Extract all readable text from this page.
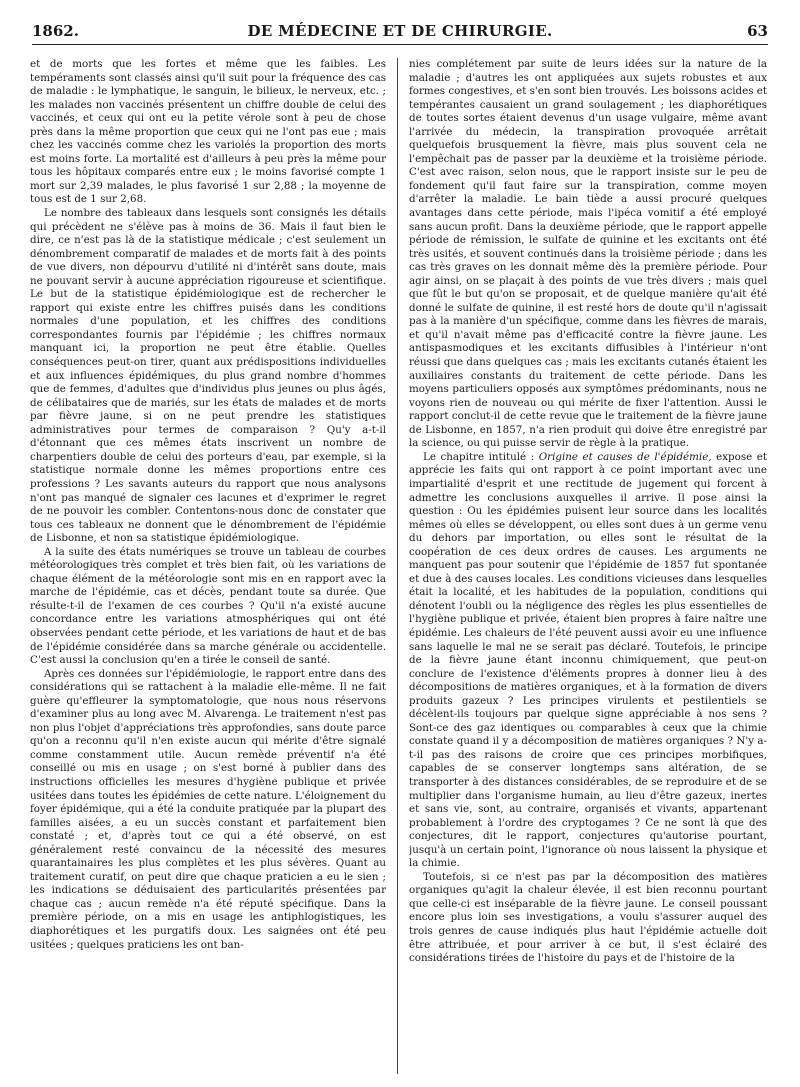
1862.	DE MÉDECINE ET DE CHIRURGIE.	63

et de morts que les fortes et même que les faibles. Les tempéraments sont classés ainsi qu'il suit pour la fréquence des cas de maladie : le lymphatique, le sanguin, le bilieux, le nerveux, etc. ; les malades non vaccinés présentent un chiffre double de celui des vaccinés, et ceux qui ont eu la petite vérole sont à peu de chose près dans la même proportion que ceux qui ne l'ont pas eue ; mais chez les vaccinés comme chez les variolés la proportion des morts est moins forte. La mortalité est d'ailleurs à peu près la même pour tous les hôpitaux comparés entre eux ; le moins favorisé compte 1 mort sur 2,39 malades, le plus favorisé 1 sur 2,88 ; la moyenne de tous est de 1 sur 2,68.

Le nombre des tableaux dans lesquels sont consignés les détails qui précèdent ne s'élève pas à moins de 36. Mais il faut bien le dire, ce n'est pas là de la statistique médicale ; c'est seulement un dénombrement comparatif de malades et de morts fait à des points de vue divers, non dépourvu d'utilité ni d'intérêt sans doute, mais ne pouvant servir à aucune appréciation rigoureuse et scientifique. Le but de la statistique épidémiologique est de rechercher le rapport qui existe entre les chiffres puisés dans les conditions normales d'une population, et les chiffres des conditions correspondantes fournis par l'épidémie ; les chiffres normaux manquant ici, la proportion ne peut être établie. Quelles conséquences peut-on tirer, quant aux prédispositions individuelles et aux influences épidémiques, du plus grand nombre d'hommes que de femmes, d'adultes que d'individus plus jeunes ou plus âgés, de célibataires que de mariés, sur les états de malades et de morts par fièvre jaune, si on ne peut prendre les statistiques administratives pour termes de comparaison ? Qu'y a-t-il d'étonnant que ces mêmes états inscrivent un nombre de charpentiers double de celui des porteurs d'eau, par exemple, si la statistique normale donne les mêmes proportions entre ces professions ? Les savants auteurs du rapport que nous analysons n'ont pas manqué de signaler ces lacunes et d'exprimer le regret de ne pouvoir les combler. Contentons-nous donc de constater que tous ces tableaux ne donnent que le dénombrement de l'épidémie de Lisbonne, et non sa statistique épidémiologique.

A la suite des états numériques se trouve un tableau de courbes météorologiques très complet et très bien fait, où les variations de chaque élément de la météorologie sont mis en en rapport avec la marche de l'épidémie, cas et décès, pendant toute sa durée. Que résulte-t-il de l'examen de ces courbes ? Qu'il n'a existé aucune concordance entre les variations atmosphériques qui ont été observées pendant cette période, et les variations de haut et de bas de l'épidémie considérée dans sa marche générale ou accidentelle. C'est aussi la conclusion qu'en a tirée le conseil de santé.

Après ces données sur l'épidémiologie, le rapport entre dans des considérations qui se rattachent à la maladie elle-même. Il ne fait guère qu'effleurer la symptomatologie, que nous nous réservons d'examiner plus au long avec M. Alvarenga. Le traitement n'est pas non plus l'objet d'appréciations très approfondies, sans doute parce qu'on a reconnu qu'il n'en existe aucun qui mérite d'être signalé comme constamment utile. Aucun remède préventif n'a été conseillé ou mis en usage ; on s'est borné à publier dans des instructions officielles les mesures d'hygiène publique et privée usitées dans toutes les épidémies de cette nature. L'éloignement du foyer épidémique, qui a été la conduite pratiquée par la plupart des familles aisées, a eu un succès constant et parfaitement bien constaté ; et, d'après tout ce qui a été observé, on est généralement resté convaincu de la nécessité des mesures quarantainaires les plus complètes et les plus sévères. Quant au traitement curatif, on peut dire que chaque praticien a eu le sien ; les indications se déduisaient des particularités présentées par chaque cas ; aucun remède n'a été réputé spécifique. Dans la première période, on a mis en usage les antiphlogistiques, les diaphorétiques et les purgatifs doux. Les saignées ont été peu usitées ; quelques praticiens les ont ban-

nies complétement par suite de leurs idées sur la nature de la maladie ; d'autres les ont appliquées aux sujets robustes et aux formes congestives, et s'en sont bien trouvés. Les boissons acides et tempérantes causaient un grand soulagement ; les diaphorétiques de toutes sortes étaient devenus d'un usage vulgaire, même avant l'arrivée du médecin, la transpiration provoquée arrêtait quelquefois brusquement la fièvre, mais plus souvent cela ne l'empêchait pas de passer par la deuxième et la troisième période. C'est avec raison, selon nous, que le rapport insiste sur le peu de fondement qu'il faut faire sur la transpiration, comme moyen d'arrêter la maladie. Le bain tiède a aussi procuré quelques avantages dans cette période, mais l'ipéca vomitif a été employé sans aucun profit. Dans la deuxième période, que le rapport appelle période de rémission, le sulfate de quinine et les excitants ont été très usités, et souvent continués dans la troisième période ; dans les cas très graves on les donnait même dès la première période. Pour agir ainsi, on se plaçait à des points de vue très divers ; mais quel que fût le but qu'on se proposait, et de quelque manière qu'ait été donné le sulfate de quinine, il est resté hors de doute qu'il n'agissait pas à la manière d'un spécifique, comme dans les fièvres de marais, et qu'il n'avait même pas d'efficacité contre la fièvre jaune. Les antispasmodiques et les excitants diffusibles à l'intérieur n'ont réussi que dans quelques cas ; mais les excitants cutanés étaient les auxiliaires constants du traitement de cette période. Dans les moyens particuliers opposés aux symptômes prédominants, nous ne voyons rien de nouveau ou qui mérite de fixer l'attention. Aussi le rapport conclut-il de cette revue que le traitement de la fièvre jaune de Lisbonne, en 1857, n'a rien produit qui doive être enregistré par la science, ou qui puisse servir de règle à la pratique.

Le chapitre intitulé : Origine et causes de l'épidémie, expose et apprécie les faits qui ont rapport à ce point important avec une impartialité d'esprit et une rectitude de jugement qui forcent à admettre les conclusions auxquelles il arrive. Il pose ainsi la question : Ou les épidémies puisent leur source dans les localités mêmes où elles se développent, ou elles sont dues à un germe venu du dehors par importation, ou elles sont le résultat de la coopération de ces deux ordres de causes. Les arguments ne manquent pas pour soutenir que l'épidémie de 1857 fut spontanée et due à des causes locales. Les conditions vicieuses dans lesquelles était la localité, et les habitudes de la population, conditions qui dénotent l'oubli ou la négligence des règles les plus essentielles de l'hygiène publique et privée, étaient bien propres à faire naître une épidémie. Les chaleurs de l'été peuvent aussi avoir eu une influence sans laquelle le mal ne se serait pas déclaré. Toutefois, le principe de la fièvre jaune étant inconnu chimiquement, que peut-on conclure de l'existence d'éléments propres à donner lieu à des décompositions de matières organiques, et à la formation de divers produits gazeux ? Les principes virulents et pestilentiels se décèlent-ils toujours par quelque signe appréciable à nos sens ? Sont-ce des gaz identiques ou comparables à ceux que la chimie constate quand il y a décomposition de matières organiques ? N'y a-t-il pas des raisons de croire que ces principes morbifiques, capables de se conserver longtemps sans altération, de se transporter à des distances considérables, de se reproduire et de se multiplier dans l'organisme humain, au lieu d'être gazeux, inertes et sans vie, sont, au contraire, organisés et vivants, appartenant probablement à l'ordre des cryptogames ? Ce ne sont là que des conjectures, dit le rapport, conjectures qu'autorise pourtant, jusqu'à un certain point, l'ignorance où nous laissent la physique et la chimie.

Toutefois, si ce n'est pas par la décomposition des matières organiques qu'agit la chaleur élevée, il est bien reconnu pourtant que celle-ci est inséparable de la fièvre jaune. Le conseil poussant encore plus loin ses investigations, a voulu s'assurer auquel des trois genres de cause indiqués plus haut l'épidémie actuelle doit être attribuée, et pour arriver à ce but, il s'est éclairé des considérations tirées de l'histoire du pays et de l'histoire de la
